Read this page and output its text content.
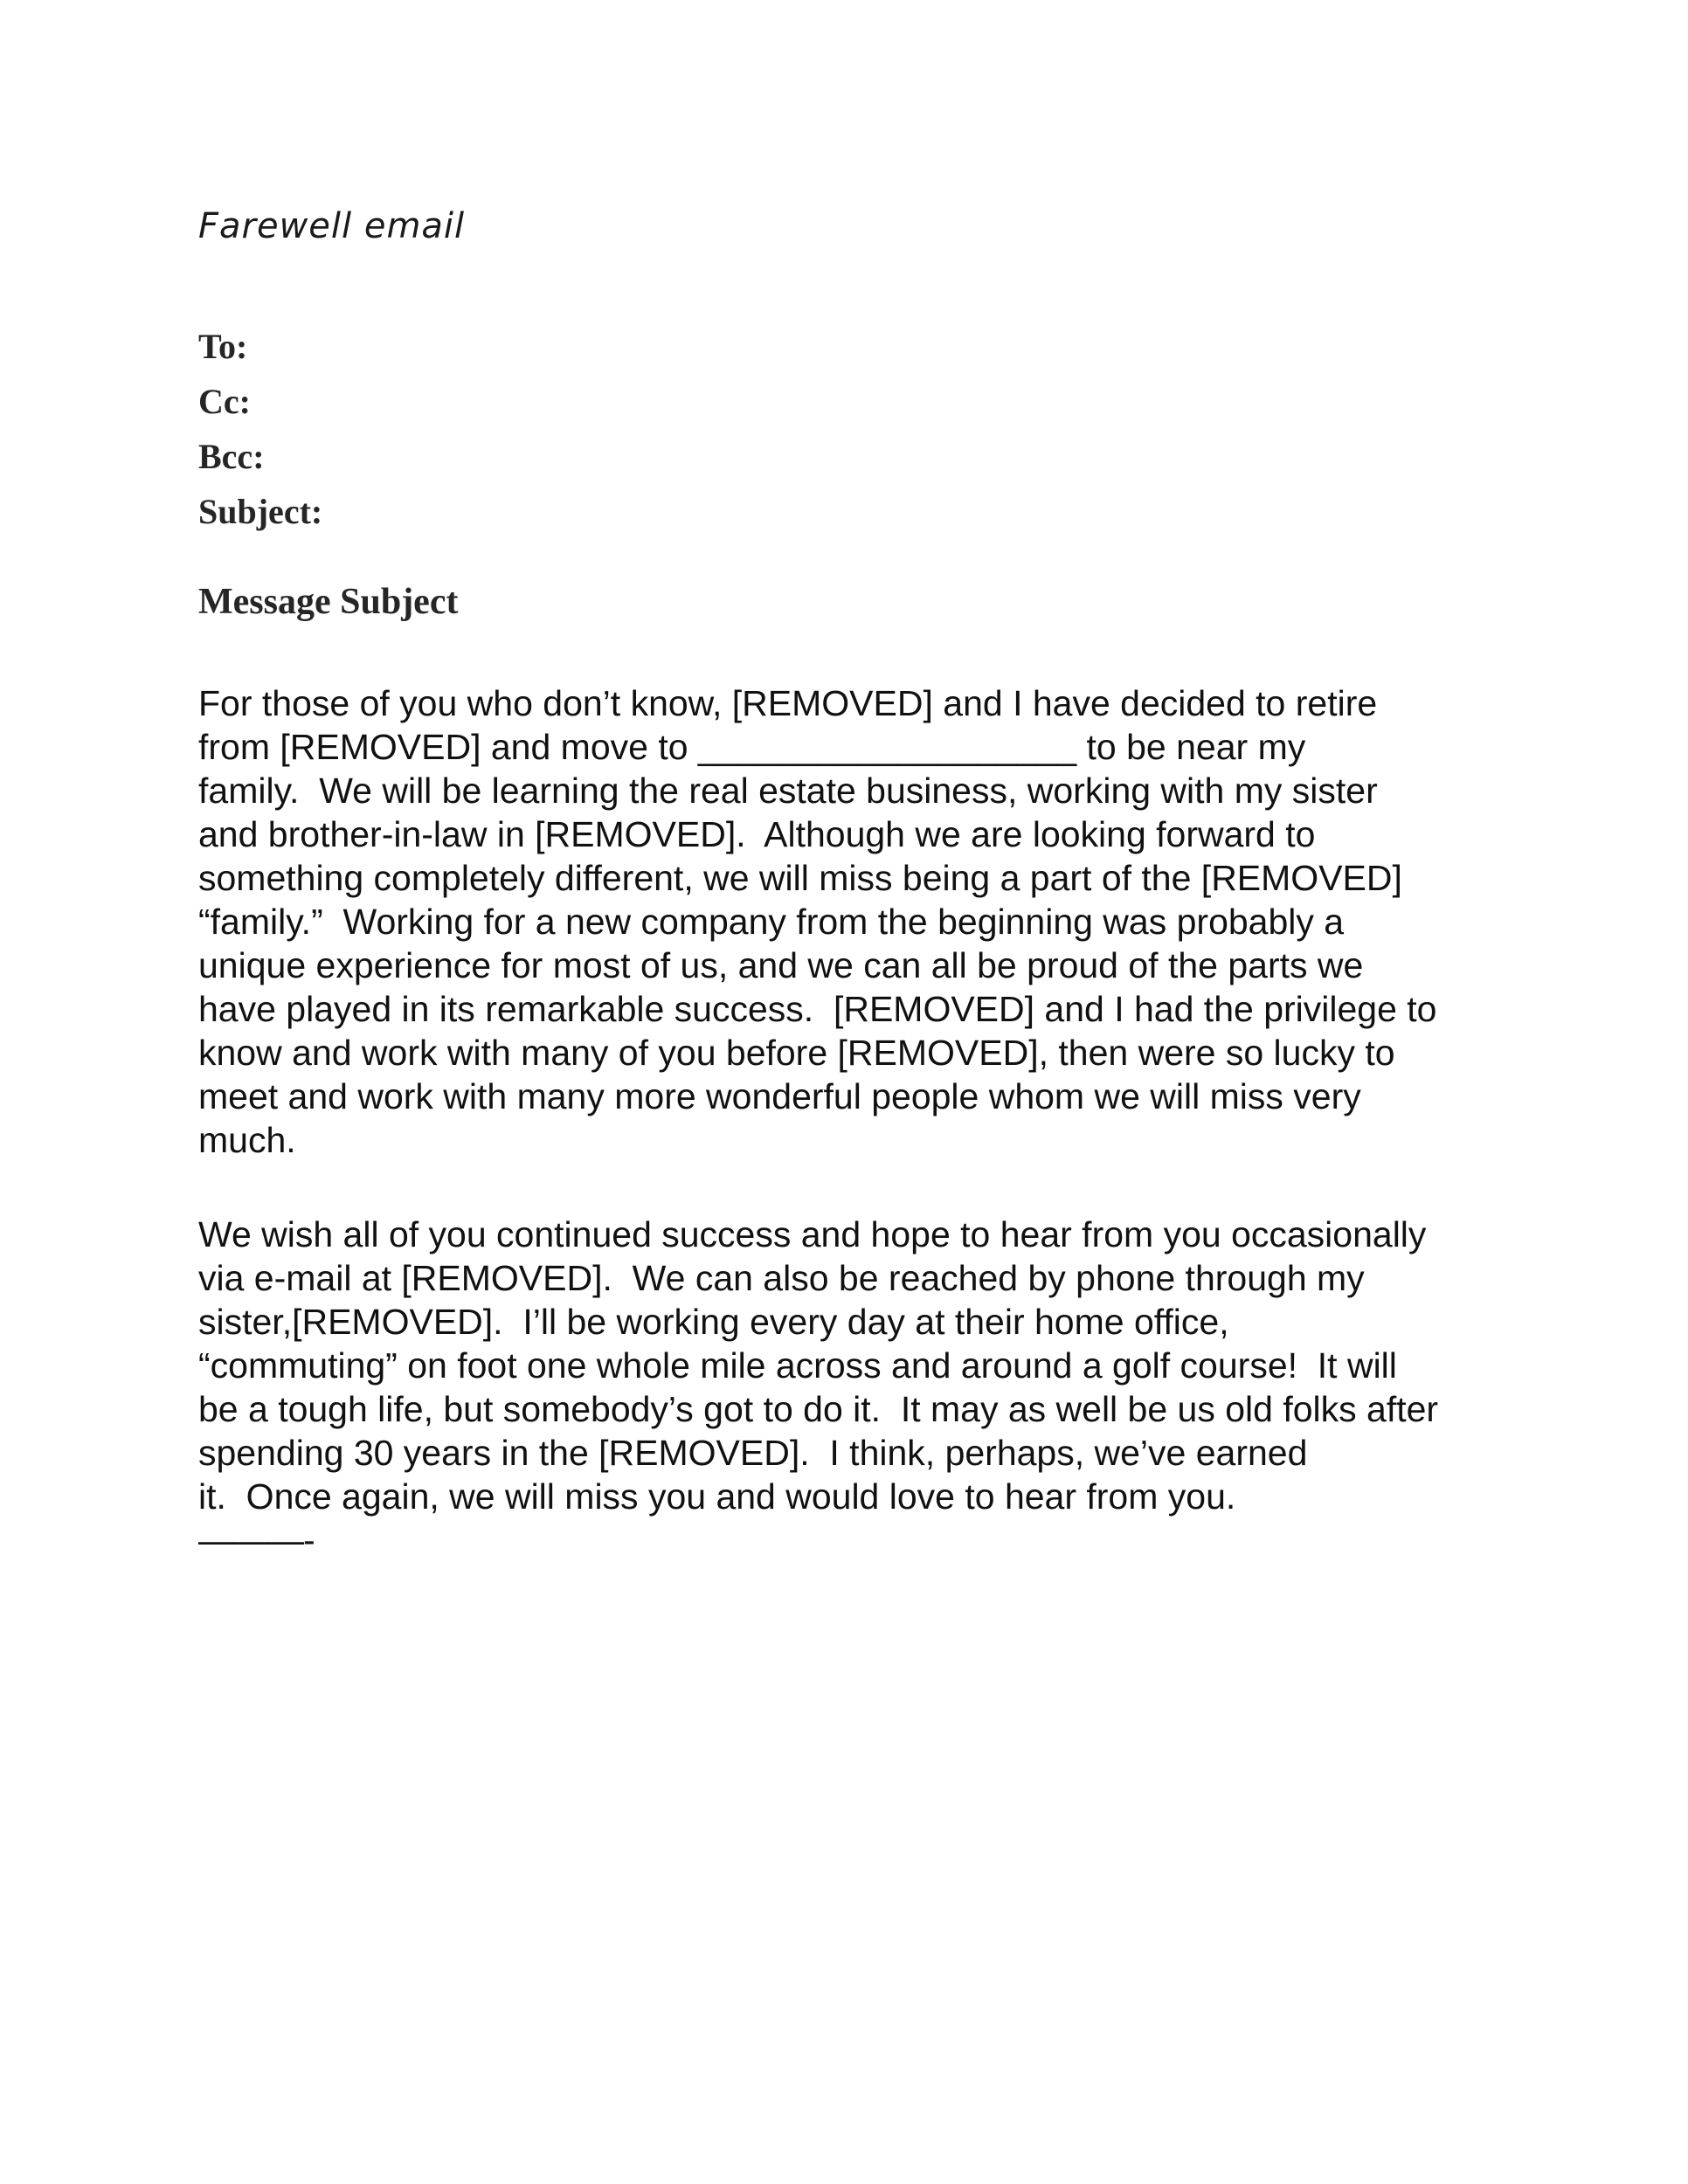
Farewell email
To:
Cc:
Bcc:
Subject:
Message Subject
For those of you who don’t know, [REMOVED] and I have decided to retire
from [REMOVED] and move to ___________________ to be near my
family.  We will be learning the real estate business, working with my sister
and brother-in-law in [REMOVED].  Although we are looking forward to
something completely different, we will miss being a part of the [REMOVED]
“family.”  Working for a new company from the beginning was probably a
unique experience for most of us, and we can all be proud of the parts we
have played in its remarkable success.  [REMOVED] and I had the privilege to
know and work with many of you before [REMOVED], then were so lucky to
meet and work with many more wonderful people whom we will miss very
much.
We wish all of you continued success and hope to hear from you occasionally
via e-mail at [REMOVED].  We can also be reached by phone through my
sister,[REMOVED].  I’ll be working every day at their home office,
“commuting” on foot one whole mile across and around a golf course!  It will
be a tough life, but somebody’s got to do it.  It may as well be us old folks after
spending 30 years in the [REMOVED].  I think, perhaps, we’ve earned
it.  Once again, we will miss you and would love to hear from you.
———-
